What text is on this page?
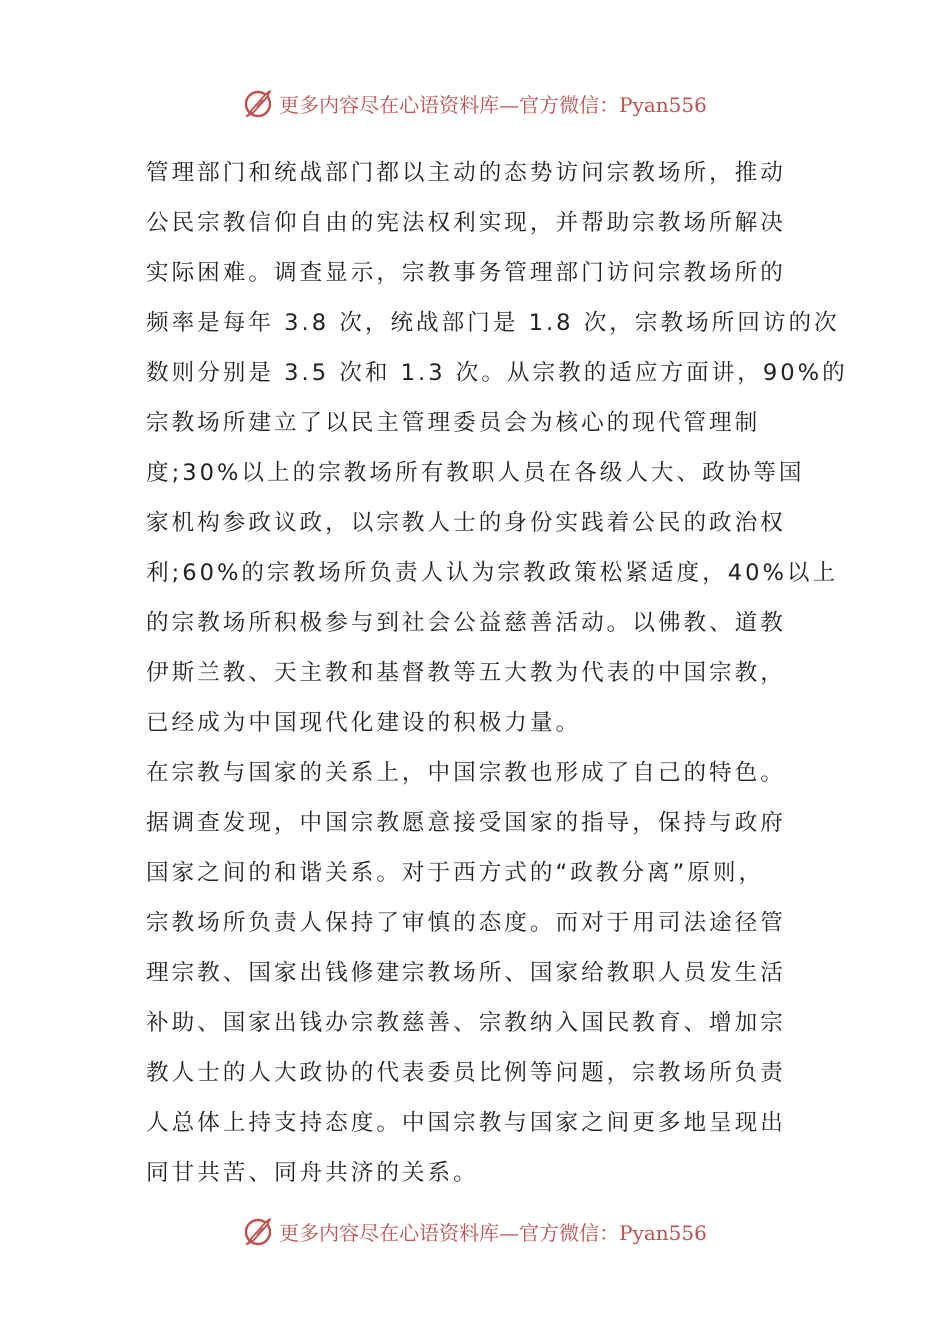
更多内容尽在心语资料库—官方微信：Pyan556
管理部门和统战部门都以主动的态势访问宗教场所，推动
公民宗教信仰自由的宪法权利实现，并帮助宗教场所解决
实际困难。调查显示，宗教事务管理部门访问宗教场所的
频率是每年 3.8 次，统战部门是 1.8 次，宗教场所回访的次
数则分别是 3.5 次和 1.3 次。从宗教的适应方面讲，90%的
宗教场所建立了以民主管理委员会为核心的现代管理制
度;30%以上的宗教场所有教职人员在各级人大、政协等国
家机构参政议政，以宗教人士的身份实践着公民的政治权
利;60%的宗教场所负责人认为宗教政策松紧适度，40%以上
的宗教场所积极参与到社会公益慈善活动。以佛教、道教
伊斯兰教、天主教和基督教等五大教为代表的中国宗教，
已经成为中国现代化建设的积极力量。
在宗教与国家的关系上，中国宗教也形成了自己的特色。
据调查发现，中国宗教愿意接受国家的指导，保持与政府
国家之间的和谐关系。对于西方式的“政教分离”原则，
宗教场所负责人保持了审慎的态度。而对于用司法途径管
理宗教、国家出钱修建宗教场所、国家给教职人员发生活
补助、国家出钱办宗教慈善、宗教纳入国民教育、增加宗
教人士的人大政协的代表委员比例等问题，宗教场所负责
人总体上持支持态度。中国宗教与国家之间更多地呈现出
同甘共苦、同舟共济的关系。
更多内容尽在心语资料库—官方微信：Pyan556
